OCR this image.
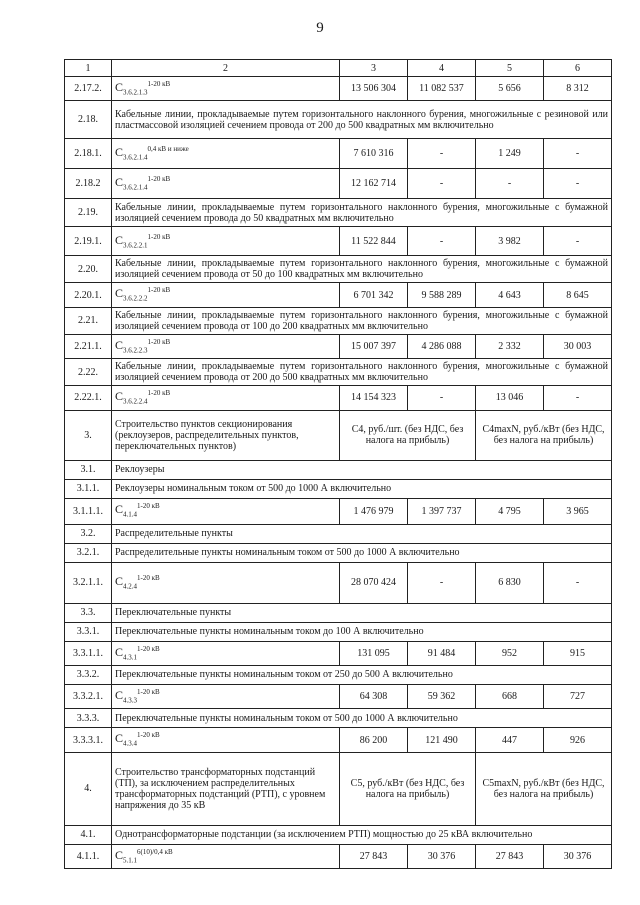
9
1	2	3	4	5	6
2.17.2.	$C_{3.6.2.1.3}^{1-20 кВ}$	13 506 304	11 082 537	5 656	8 312
2.18.	Кабельные линии, прокладываемые путем горизонтального наклонного бурения, многожильные с резиновой или пластмассовой изоляцией сечением провода от 200 до 500 квадратных мм включительно				
2.18.1.	$C_{3.6.2.1.4}^{0,4 кВ и ниже}$	7 610 316	-	1 249	-
2.18.2	$C_{3.6.2.1.4}^{1-20 кВ}$	12 162 714	-	-	-
2.19.	Кабельные линии, прокладываемые путем горизонтального наклонного бурения, многожильные с бумажной изоляцией сечением провода до 50 квадратных мм включительно				
2.19.1.	$C_{3.6.2.2.1}^{1-20 кВ}$	11 522 844	-	3 982	-
2.20.	Кабельные линии, прокладываемые путем горизонтального наклонного бурения, многожильные с бумажной изоляцией сечением провода от 50 до 100 квадратных мм включительно				
2.20.1.	$C_{3.6.2.2.2}^{1-20 кВ}$	6 701 342	9 588 289	4 643	8 645
2.21.	Кабельные линии, прокладываемые путем горизонтального наклонного бурения, многожильные с бумажной изоляцией сечением провода от 100 до 200 квадратных мм включительно				
2.21.1.	$C_{3.6.2.2.3}^{1-20 кВ}$	15 007 397	4 286 088	2 332	30 003
2.22.	Кабельные линии, прокладываемые путем горизонтального наклонного бурения, многожильные с бумажной изоляцией сечением провода от 200 до 500 квадратных мм включительно				
2.22.1.	$C_{3.6.2.2.4}^{1-20 кВ}$	14 154 323	-	13 046	-
3.	Строительство пунктов секционирования (реклоузеров, распределительных пунктов, переключательных пунктов)	C4, руб./шт. (без НДС, без налога на прибыль)		C4maxN, руб./кВт (без НДС, без налога на прибыль)	
3.1.	Реклоузеры				
3.1.1.	Реклоузеры номинальным током от 500 до 1000 А включительно				
3.1.1.1.	$C_{4.1.4}^{1-20 кВ}$	1 476 979	1 397 737	4 795	3 965
3.2.	Распределительные пункты				
3.2.1.	Распределительные пункты номинальным током от 500 до 1000 А включительно				
3.2.1.1.	$C_{4.2.4}^{1-20 кВ}$	28 070 424	-	6 830	-
3.3.	Переключательные пункты				
3.3.1.	Переключательные пункты номинальным током до 100 А включительно				
3.3.1.1.	$C_{4.3.1}^{1-20 кВ}$	131 095	91 484	952	915
3.3.2.	Переключательные пункты номинальным током от 250 до 500 А включительно				
3.3.2.1.	$C_{4.3.3}^{1-20 кВ}$	64 308	59 362	668	727
3.3.3.	Переключательные пункты номинальным током от 500 до 1000 А включительно				
3.3.3.1.	$C_{4.3.4}^{1-20 кВ}$	86 200	121 490	447	926
4.	Строительство трансформаторных подстанций (ТП), за исключением распределительных трансформаторных подстанций (РТП), с уровнем напряжения до 35 кВ	C5, руб./кВт (без НДС, без налога на прибыль)		C5maxN, руб./кВт (без НДС, без налога на прибыль)	
4.1.	Однотрансформаторные подстанции (за исключением РТП) мощностью до 25 кВА включительно				
4.1.1.	$C_{5.1.1}^{6(10)/0,4 кВ}$	27 843	30 376	27 843	30 376
